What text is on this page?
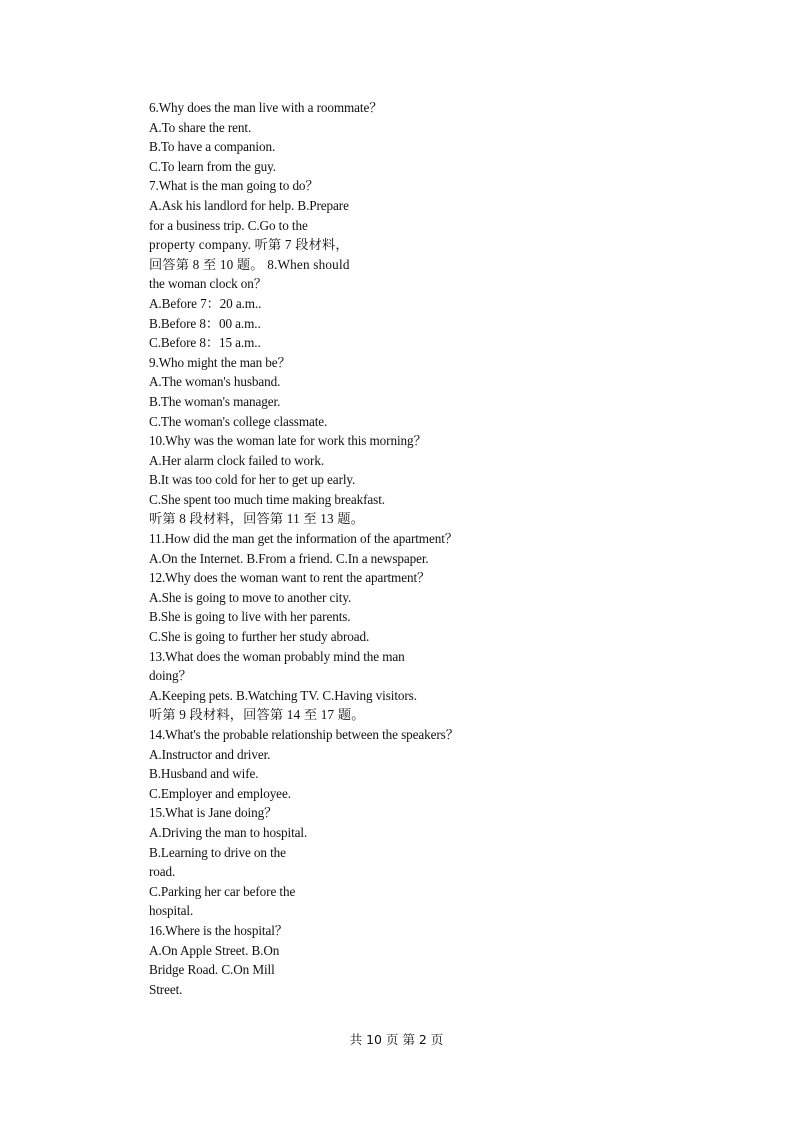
6.Why does the man live with a roommate？
A.To share the rent.
B.To have a companion.
C.To learn from the guy.
7.What is the man going to do？
A.Ask his landlord for help. B.Prepare
for a business trip. C.Go to the
property company. 听第 7 段材料，
回答第 8 至 10 题。 8.When should
the woman clock on？
A.Before 7：20 a.m..
B.Before 8：00 a.m..
C.Before 8：15 a.m..
9.Who might the man be？
A.The woman's husband.
B.The woman's manager.
C.The woman's college classmate.
10.Why was the woman late for work this morning？
A.Her alarm clock failed to work.
B.It was too cold for her to get up early.
C.She spent too much time making breakfast.
听第 8 段材料，回答第 11 至 13 题。
11.How did the man get the information of the apartment？
A.On the Internet. B.From a friend. C.In a newspaper.
12.Why does the woman want to rent the apartment？
A.She is going to move to another city.
B.She is going to live with her parents.
C.She is going to further her study abroad.
13.What does the woman probably mind the man
doing？
A.Keeping pets. B.Watching TV. C.Having visitors.
听第 9 段材料，回答第 14 至 17 题。
14.What's the probable relationship between the speakers？
A.Instructor and driver.
B.Husband and wife.
C.Employer and employee.
15.What is Jane doing？
A.Driving the man to hospital.
B.Learning to drive on the
road.
C.Parking her car before the
hospital.
16.Where is the hospital？
A.On Apple Street. B.On
Bridge Road. C.On Mill
Street.
共 10 页 第 2 页
